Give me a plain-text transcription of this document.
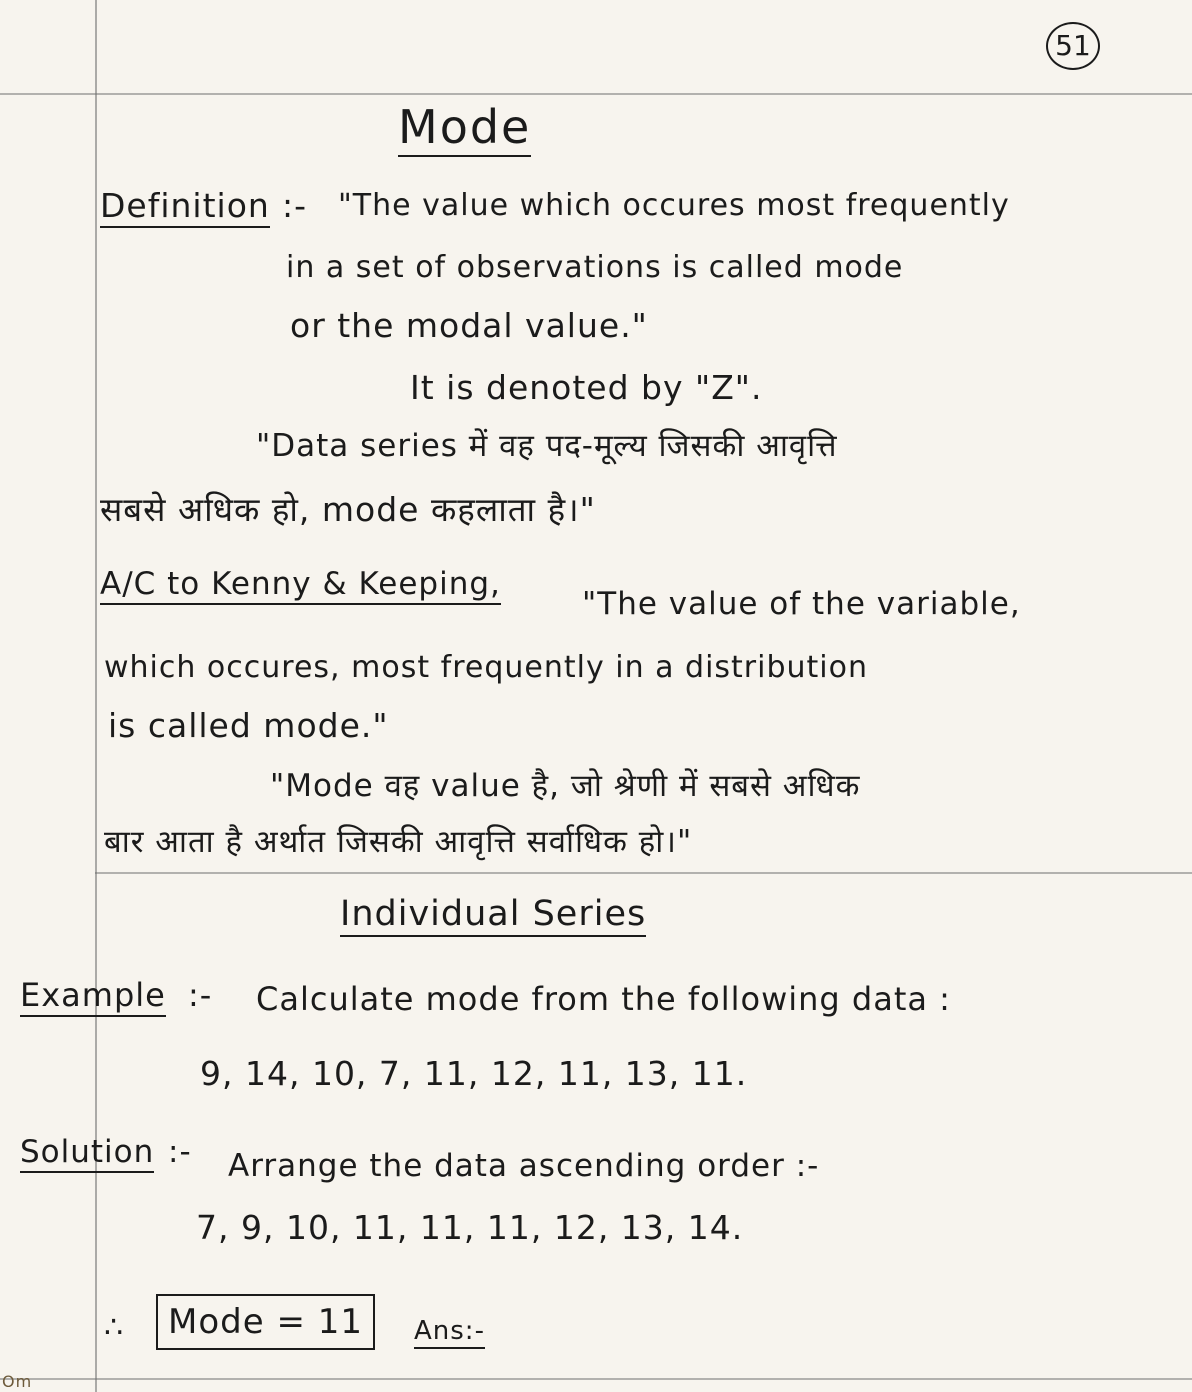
51
Mode
Definition :- "The value which occures most frequently
in a set of observations is called mode
or the modal value."
It is denoted by "Z".
"Data series में वह पद-मूल्य जिसकी आवृत्ति
सबसे अधिक हो, mode कहलाता है।"
A/C to Kenny & Keeping,
"The value of the variable,
which occures, most frequently in a distribution
is called mode."
"Mode वह value है, जो श्रेणी में सबसे अधिक
बार आता है अर्थात जिसकी आवृत्ति सर्वाधिक हो।"
Individual Series
Example :- Calculate mode from the following data :
9, 14, 10, 7, 11, 12, 11, 13, 11.
Solution :- Arrange the data ascending order :-
7, 9, 10, 11, 11, 11, 12, 13, 14.
∴	Mode = 11	Ans:-
Om
